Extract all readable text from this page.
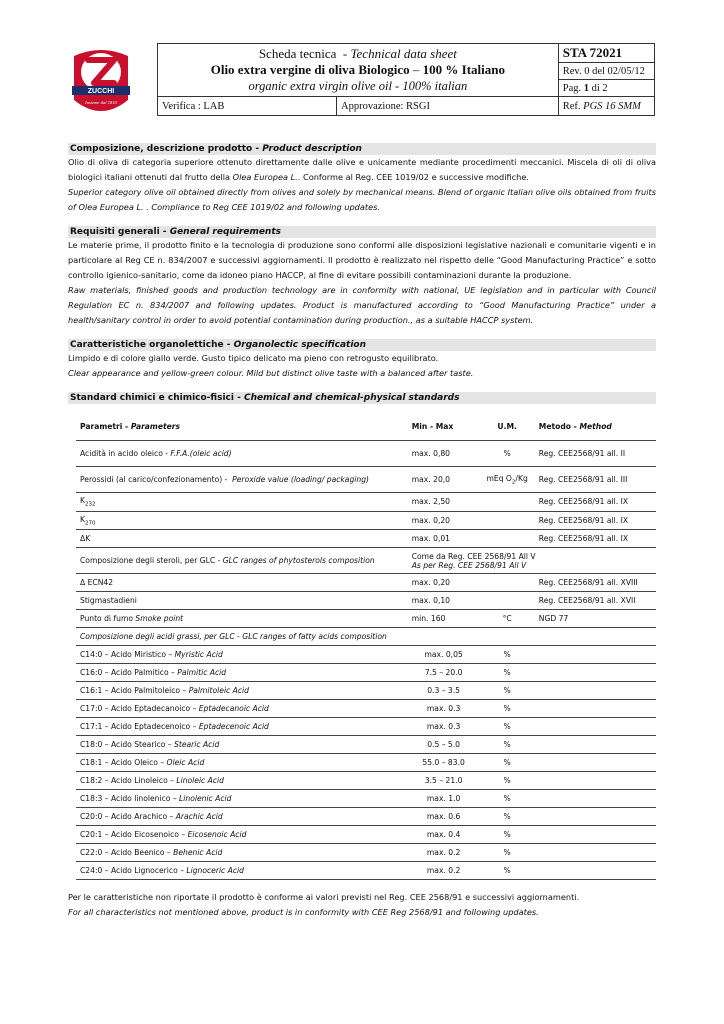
ZUCCHI
Insieme dal 1810
Scheda tecnica  - Technical data sheet
Olio extra vergine di oliva Biologico – 100 % Italiano
organic extra virgin olive oil - 100% italian		STA 72021
		Rev. 0 del 02/05/12
		Pag. 1 di 2
Verifica : LAB	Approvazione: RSGI	Ref. PGS 16 SMM
Composizione, descrizione prodotto - Product description

Olio di oliva di categoria superiore ottenuto direttamente dalle olive e unicamente mediante procedimenti meccanici. Miscela di oli di oliva biologici italiani ottenuti dal frutto della Olea Europea L.. Conforme al Reg. CEE 1019/02 e successive modifiche.

Superior category olive oil obtained directly from olives and solely by mechanical means. Blend of organic Italian olive oils obtained from fruits of Olea Europea L. . Compliance to Reg CEE 1019/02 and following updates.

Requisiti generali - General requirements

Le materie prime, il prodotto finito e la tecnologia di produzione sono conformi alle disposizioni legislative nazionali e comunitarie vigenti e in particolare al Reg CE n. 834/2007 e successivi aggiornamenti. Il prodotto è realizzato nel rispetto delle “Good Manufacturing Practice” e sotto controllo igienico-sanitario, come da idoneo piano HACCP, al fine di evitare possibili contaminazioni durante la produzione.

Raw materials, finished goods and production technology are in conformity with national, UE legislation and in particular with Council Regulation EC n. 834/2007 and following updates. Product is manufactured according to “Good Manufacturing Practice” under a health/sanitary control in order to avoid potential contamination during production., as a suitable HACCP system.

Caratteristiche organolettiche - Organolectic specification

Limpido e di colore giallo verde. Gusto tipico delicato ma pieno con retrogusto equilibrato.

Clear appearance and yellow-green colour. Mild but distinct olive taste with a balanced after taste.

Standard chimici e chimico-fisici - Chemical and chemical-physical standards
Parametri - Parameters	Min - Max	U.M.	Metodo - Method
Acidità in acido oleico - F.F.A.(oleic acid)	max. 0,80	%	Reg. CEE2568/91 all. II
Perossidi (al carico/confezionamento) -  Peroxide value (loading/ packaging)	max. 20,0	mEq $O_2/Kg$	Reg. CEE2568/91 all. III
$K_{232}$	max. 2,50		Reg. CEE2568/91 all. IX
$K_{270}$	max. 0,20		Reg. CEE2568/91 all. IX
ΔK	max. 0,01		Reg. CEE2568/91 all. IX
Composizione degli steroli, per GLC - GLC ranges of phytosterols composition	Come da Reg. CEE 2568/91 All V
As per Reg. CEE 2568/91 All V		

Δ ECN42	max. 0,20		Reg. CEE2568/91 all. XVIII
Stigmastadieni	max. 0,10		Reg. CEE2568/91 all. XVII
Punto di fumo Smoke point	min. 160	°C	NGD 77
Composizione degli acidi grassi, per GLC - GLC ranges of fatty acids composition			
C14:0 – Acido Miristico – Myristic Acid	max. 0,05	%	
C16:0 – Acido Palmitico – Palmitic Acid	7.5 – 20.0	%	
C16:1 – Acido Palmitoleico – Palmitoleic Acid	0.3 – 3.5	%	
C17:0 – Acido Eptadecanoico – Eptadecanoic Acid	max. 0.3	%	
C17:1 – Acido Eptadecenoico – Eptadecenoic Acid	max. 0.3	%	
C18:0 – Acido Stearico – Stearic Acid	0.5 – 5.0	%	
C18:1 – Acido Oleico – Oleic Acid	55.0 – 83.0	%	
C18:2 – Acido Linoleico – Linoleic Acid	3.5 – 21.0	%	
C18:3 – Acido linolenico – Linolenic Acid	max. 1.0	%	
C20:0 – Acido Arachico – Arachic Acid	max. 0.6	%	
C20:1 – Acido Eicosenoico – Eicosenoic Acid	max. 0.4	%	
C22:0 – Acido Beenico – Behenic Acid	max. 0.2	%	
C24:0 – Acido Lignocerico – Lignoceric Acid	max. 0.2	%	

Per le caratteristiche non riportate il prodotto è conforme ai valori previsti nel Reg. CEE 2568/91 e successivi aggiornamenti.

For all characteristics not mentioned above, product is in conformity with CEE Reg 2568/91 and following updates.
